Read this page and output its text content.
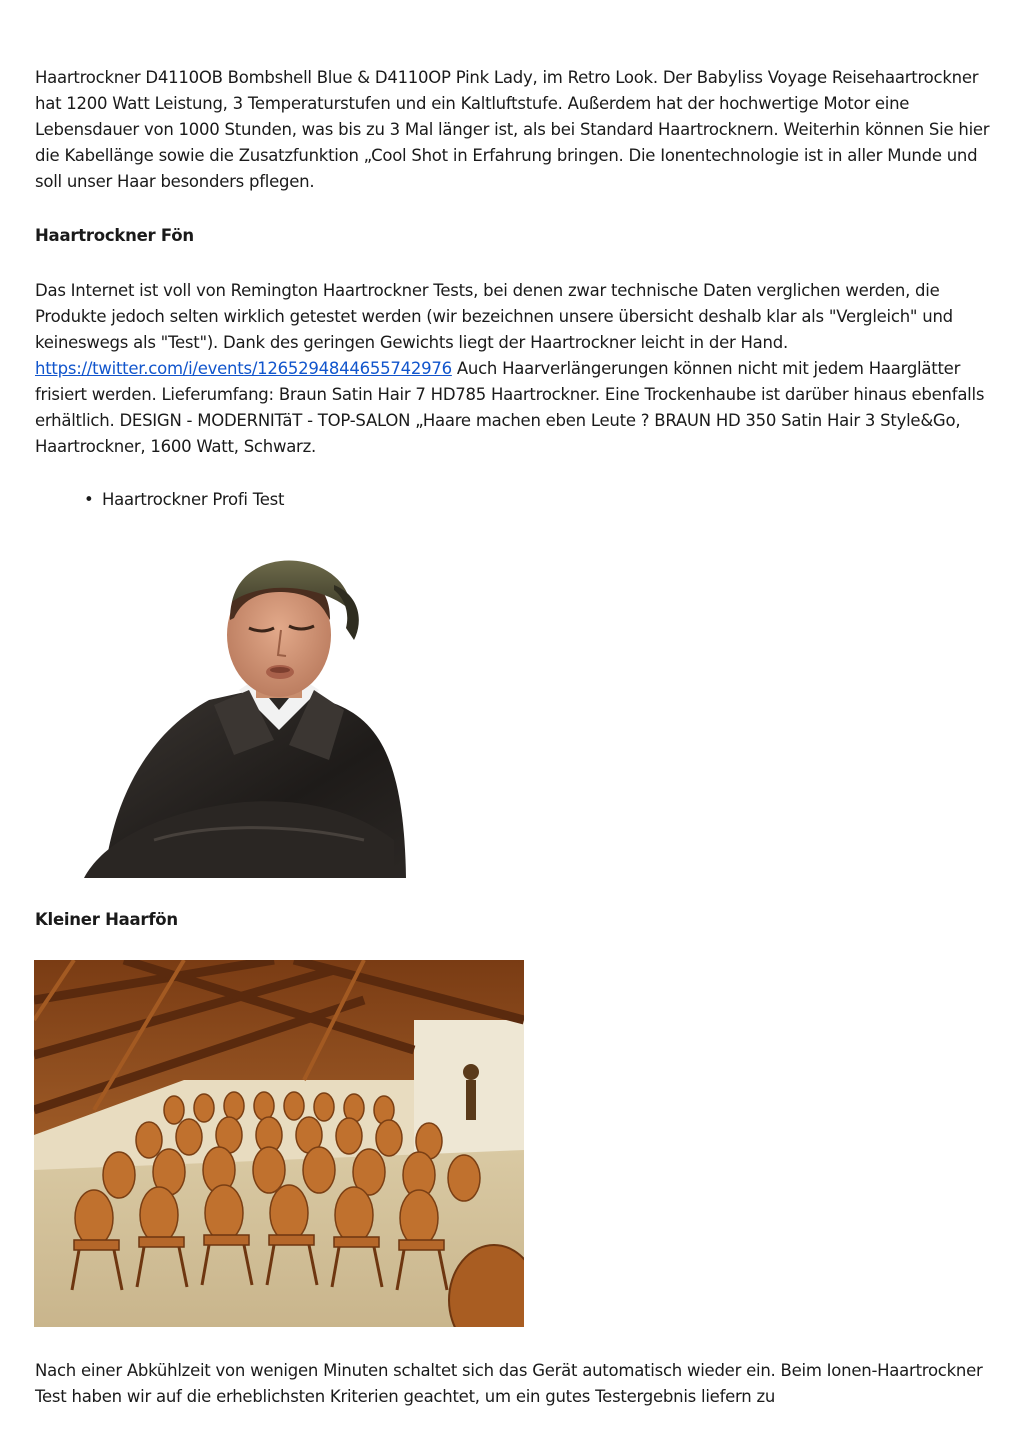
Haartrockner D4110OB Bombshell Blue & D4110OP Pink Lady, im Retro Look. Der Babyliss Voyage Reisehaartrockner hat 1200 Watt Leistung, 3 Temperaturstufen und ein Kaltluftstufe. Außerdem hat der hochwertige Motor eine Lebensdauer von 1000 Stunden, was bis zu 3 Mal länger ist, als bei Standard Haartrocknern. Weiterhin können Sie hier die Kabellänge sowie die Zusatzfunktion „Cool Shot in Erfahrung bringen. Die Ionentechnologie ist in aller Munde und soll unser Haar besonders pflegen.

Haartrockner Fön

Das Internet ist voll von Remington Haartrockner Tests, bei denen zwar technische Daten verglichen werden, die Produkte jedoch selten wirklich getestet werden (wir bezeichnen unsere übersicht deshalb klar als "Vergleich" und keineswegs als "Test"). Dank des geringen Gewichts liegt der Haartrockner leicht in der Hand. https://twitter.com/i/events/1265294844655742976 Auch Haarverlängerungen können nicht mit jedem Haarglätter frisiert werden. Lieferumfang: Braun Satin Hair 7 HD785 Haartrockner. Eine Trockenhaube ist darüber hinaus ebenfalls erhältlich. DESIGN - MODERNITäT - TOP-SALON „Haare machen eben Leute ? BRAUN HD 350 Satin Hair 3 Style&Go, Haartrockner, 1600 Watt, Schwarz.

• Haartrockner Profi Test
Kleiner Haarfön

Nach einer Abkühlzeit von wenigen Minuten schaltet sich das Gerät automatisch wieder ein. Beim Ionen-Haartrockner Test haben wir auf die erheblichsten Kriterien geachtet, um ein gutes Testergebnis liefern zu
